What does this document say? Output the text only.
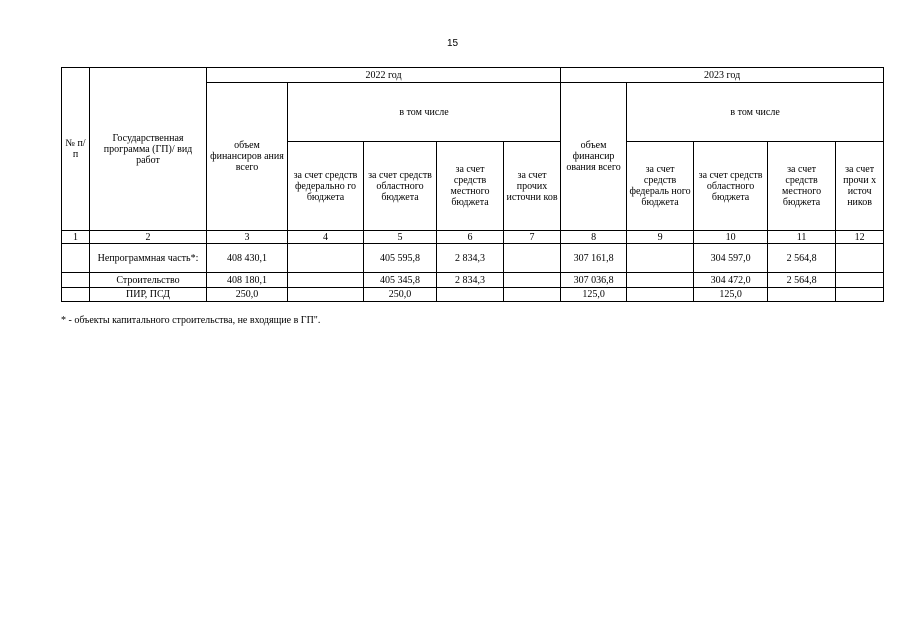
15
№ п/п	Государственная программа (ГП)/ вид работ	2022 год					2023 год				
		объем финансиров ания всего	в том числе				объем финансир ования всего	в том числе			
			за счет средств федерально го бюджета	за счет средств областного бюджета	за счет средств местного бюджета	за счет прочих источни ков		за счет средств федераль ного бюджета	за счет средств областного бюджета	за счет средств местного бюджета	за счет прочи х источ ников
1	2	3	4	5	6	7	8	9	10	11	12
	Непрограммная часть*:	408 430,1		405 595,8	2 834,3		307 161,8		304 597,0	2 564,8	
	Строительство	408 180,1		405 345,8	2 834,3		307 036,8		304 472,0	2 564,8	
	ПИР, ПСД	250,0		250,0			125,0		125,0		
* - объекты капитального строительства, не входящие в ГП".
